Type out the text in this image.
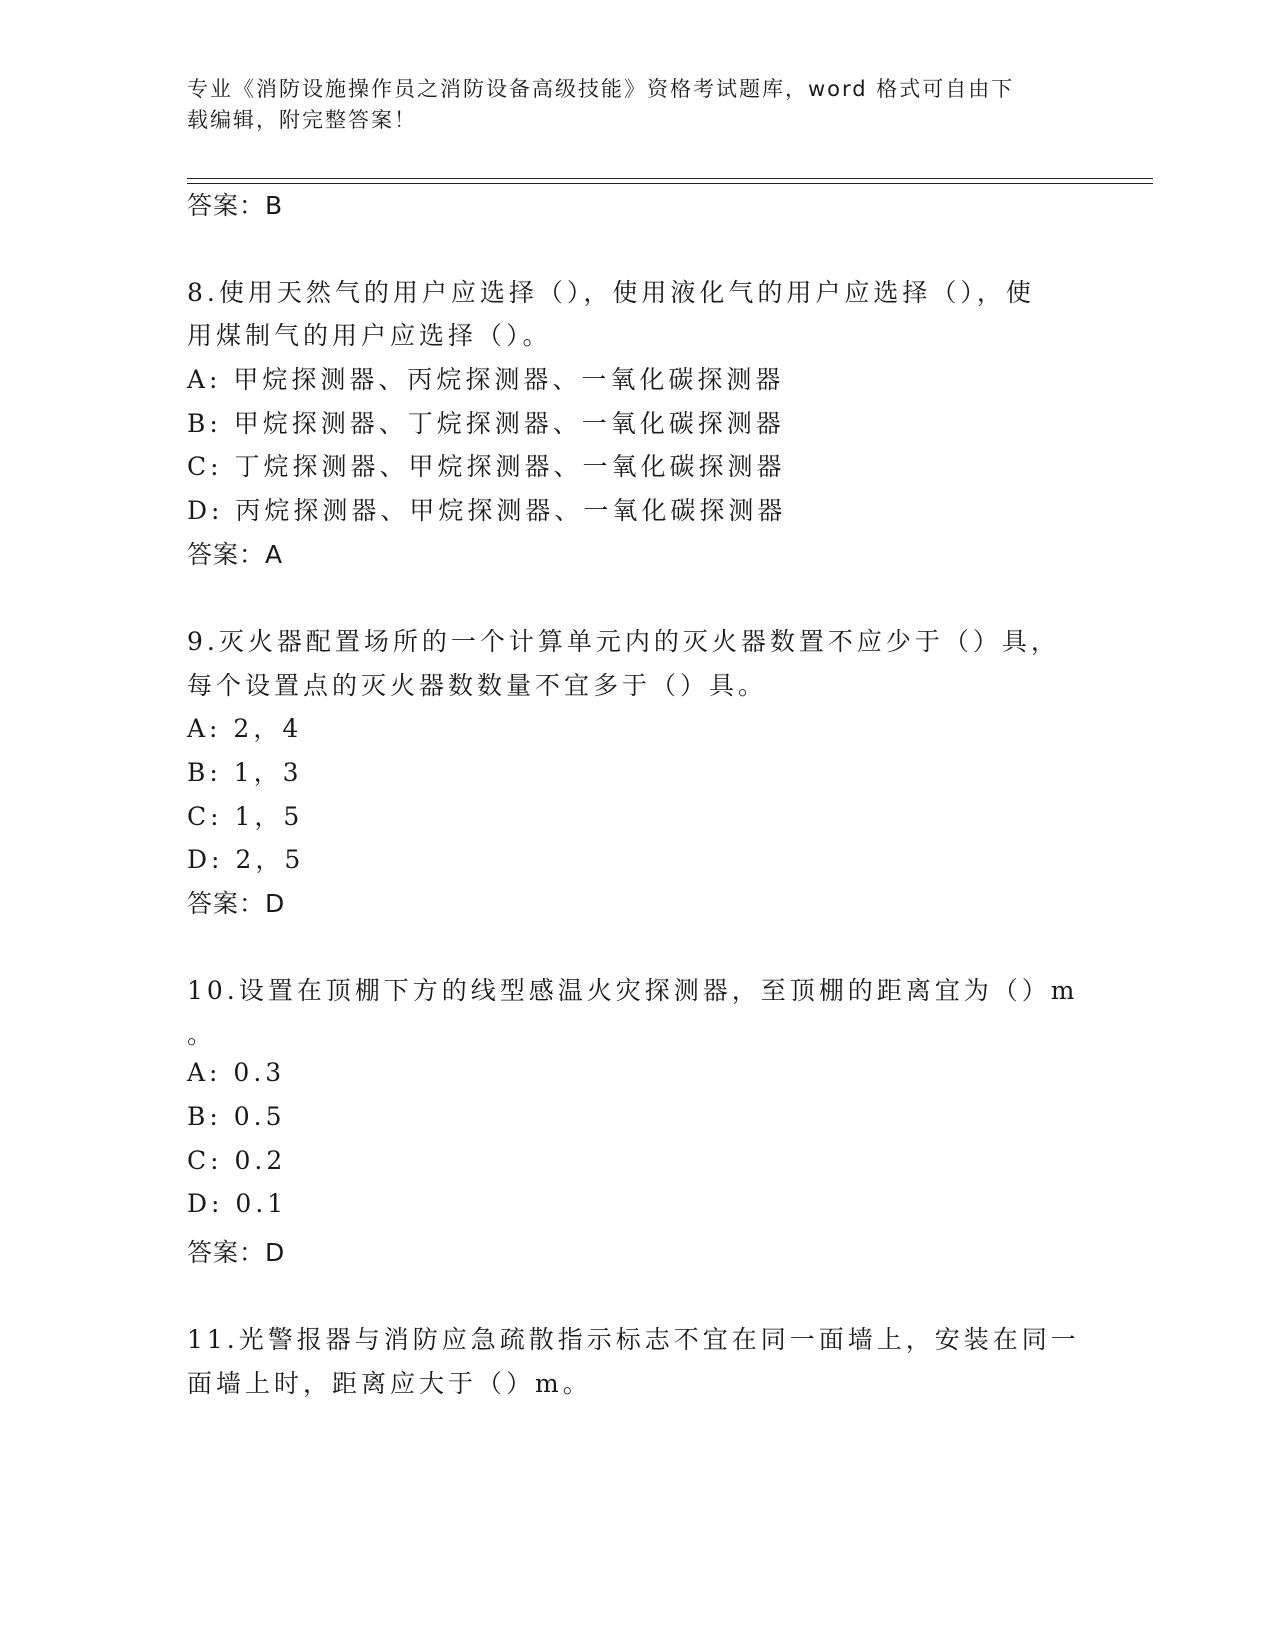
专业《消防设施操作员之消防设备高级技能》资格考试题库，word 格式可自由下
载编辑，附完整答案！
答案：B
8.使用天然气的用户应选择（），使用液化气的用户应选择（），使
用煤制气的用户应选择（）。
A: 甲烷探测器、丙烷探测器、一氧化碳探测器
B: 甲烷探测器、丁烷探测器、一氧化碳探测器
C: 丁烷探测器、甲烷探测器、一氧化碳探测器
D: 丙烷探测器、甲烷探测器、一氧化碳探测器
答案：A
9.灭火器配置场所的一个计算单元内的灭火器数置不应少于（）具，
每个设置点的灭火器数数量不宜多于（）具。
A: 2，4
B: 1，3
C: 1，5
D: 2，5
答案：D
10.设置在顶棚下方的线型感温火灾探测器，至顶棚的距离宜为（）m
。
A: 0.3
B: 0.5
C: 0.2
D: 0.1
答案：D
11.光警报器与消防应急疏散指示标志不宜在同一面墙上，安装在同一
面墙上时，距离应大于（）m。
